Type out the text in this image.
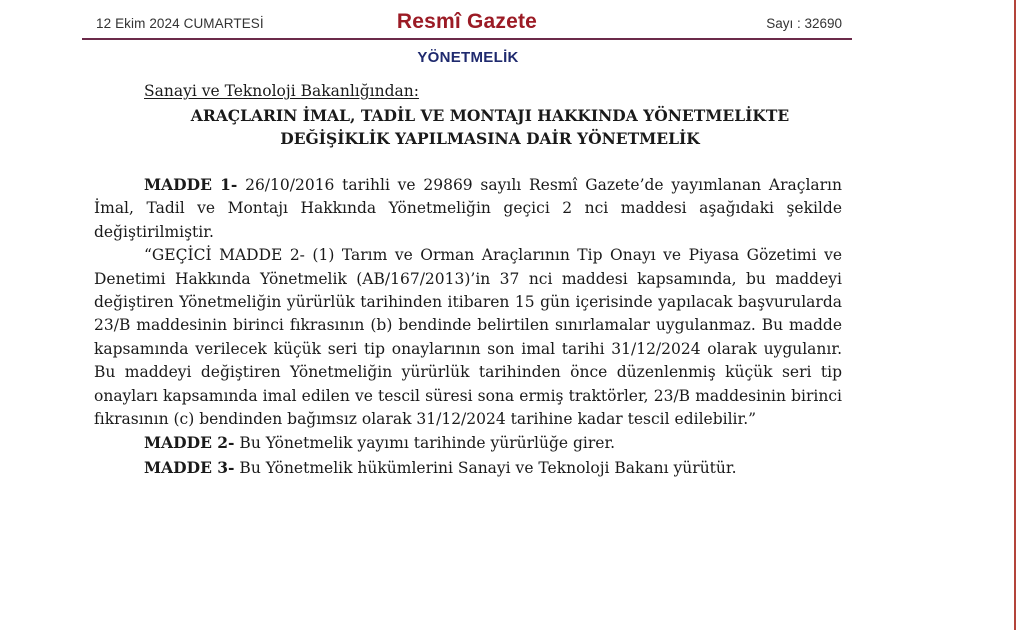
12 Ekim 2024 CUMARTESİ	Resmî Gazete	Sayı : 32690
YÖNETMELİK
Sanayi ve Teknoloji Bakanlığından:
ARAÇLARIN İMAL, TADİL VE MONTAJI HAKKINDA YÖNETMELİKTE
DEĞİŞİKLİK YAPILMASINA DAİR YÖNETMELİK

MADDE 1- 26/10/2016 tarihli ve 29869 sayılı Resmî Gazete’de yayımlanan Araçların İmal, Tadil ve Montajı Hakkında Yönetmeliğin geçici 2 nci maddesi aşağıdaki şekilde değiştirilmiştir.

“GEÇİCİ MADDE 2- (1) Tarım ve Orman Araçlarının Tip Onayı ve Piyasa Gözetimi ve Denetimi Hakkında Yönetmelik (AB/167/2013)’in 37 nci maddesi kapsamında, bu maddeyi değiştiren Yönetmeliğin yürürlük tarihinden itibaren 15 gün içerisinde yapılacak başvurularda 23/B maddesinin birinci fıkrasının (b) bendinde belirtilen sınırlamalar uygulanmaz. Bu madde kapsamında verilecek küçük seri tip onaylarının son imal tarihi 31/12/2024 olarak uygulanır. Bu maddeyi değiştiren Yönetmeliğin yürürlük tarihinden önce düzenlenmiş küçük seri tip onayları kapsamında imal edilen ve tescil süresi sona ermiş traktörler, 23/B maddesinin birinci fıkrasının (c) bendinden bağımsız olarak 31/12/2024 tarihine kadar tescil edilebilir.”

MADDE 2- Bu Yönetmelik yayımı tarihinde yürürlüğe girer.

MADDE 3- Bu Yönetmelik hükümlerini Sanayi ve Teknoloji Bakanı yürütür.
